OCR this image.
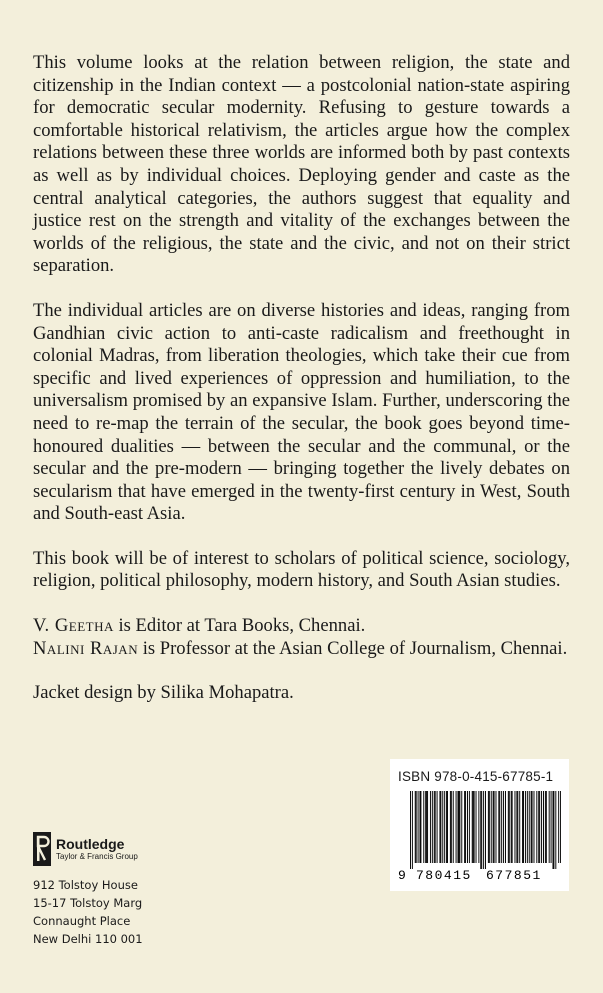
This volume looks at the relation between religion, the state and citizenship in the Indian context — a postcolonial nation-state aspiring for democratic secular modernity. Refusing to gesture towards a comfortable historical relativism, the articles argue how the complex relations between these three worlds are informed both by past contexts as well as by individual choices. Deploying gender and caste as the central analytical categories, the authors suggest that equality and justice rest on the strength and vitality of the exchanges between the worlds of the religious, the state and the civic, and not on their strict separation.

The individual articles are on diverse histories and ideas, ranging from Gandhian civic action to anti-caste radicalism and freethought in colonial Madras, from liberation theologies, which take their cue from specific and lived experiences of oppression and humiliation, to the universalism promised by an expansive Islam. Further, underscoring the need to re-map the terrain of the secular, the book goes beyond time-honoured dualities — between the secular and the communal, or the secular and the pre-modern — bringing together the lively debates on secularism that have emerged in the twenty-first century in West, South and South-east Asia.

This book will be of interest to scholars of political science, sociology, religion, political philosophy, modern history, and South Asian studies.

V. Geetha is Editor at Tara Books, Chennai.
Nalini Rajan is Professor at the Asian College of Journalism, Chennai.
Jacket design by Silika Mohapatra.
Routledge
Taylor & Francis Group
912 Tolstoy House
15-17 Tolstoy Marg
Connaught Place
New Delhi 110 001
ISBN 978-0-415-67785-1
9 780415 677851
